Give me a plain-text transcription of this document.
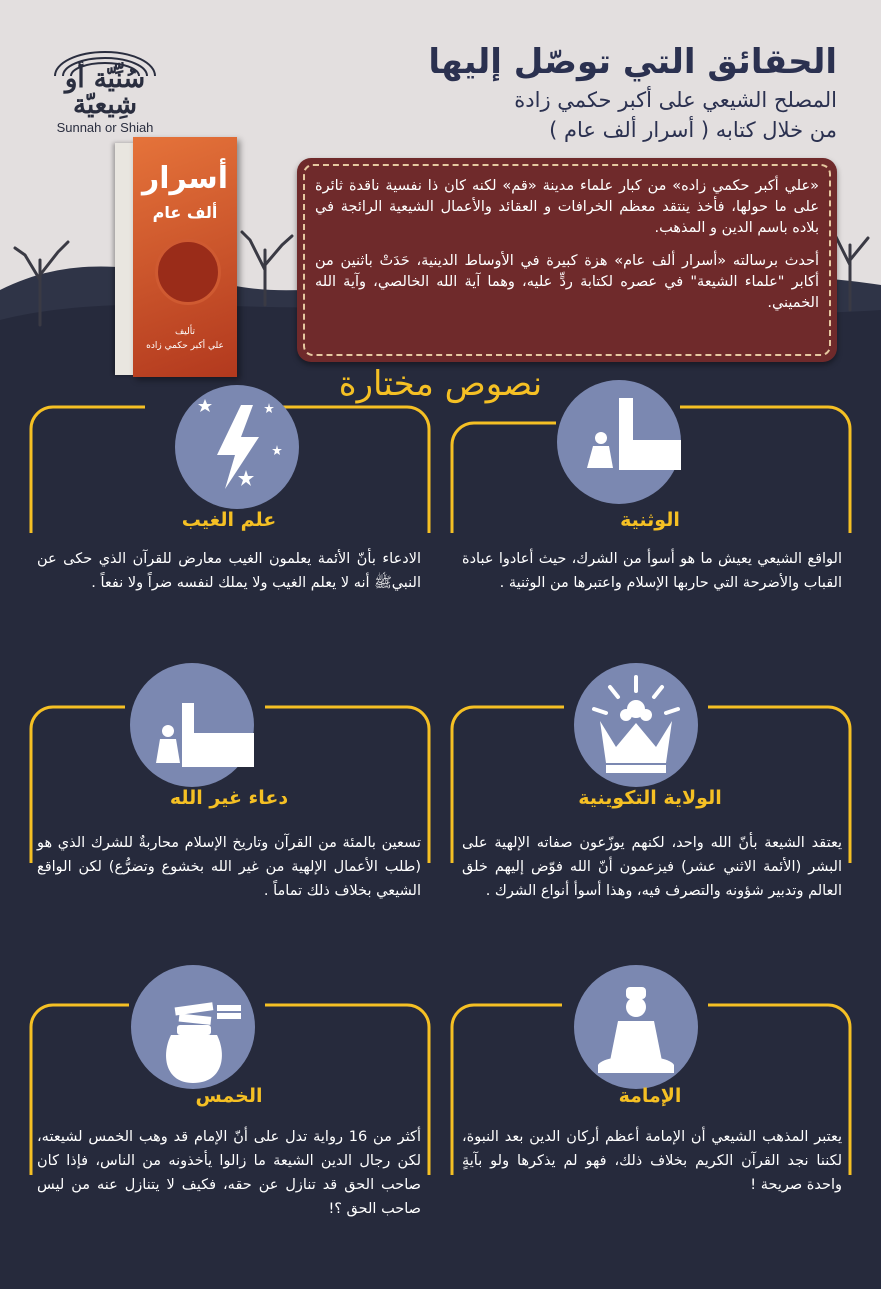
سُنِّيّة أو شِيعيّة
Sunnah or Shiah
الحقائق التي توصّل إليها
المصلح الشيعي على أكبر حكمي زادة
من خلال كتابه ( أسرار ألف عام )
أسرار
ألف عام
تأليف
علي أكبر حكمي زاده

«علي أكبر حكمي زاده» من كبار علماء مدينة «قم» لكنه كان ذا نفسية ناقدة ثائرة على ما حولها، فأخذ ينتقد معظم الخرافات و العقائد والأعمال الشيعية الرائجة في بلاده باسم الدين و المذهب.

أحدث برسالته «أسرار ألف عام» هزة كبيرة في الأوساط الدينية، حَدَتْ باثنين من أكابر "علماء الشيعة" في عصره لكتابة ردٍّ عليه، وهما آية الله الخالصي، وآية الله الخميني.

نصوص مختارة
علم الغيب
الادعاء بأنّ الأئمة يعلمون الغيب معارض للقرآن الذي حكى عن النبيﷺ أنه لا يعلم الغيب ولا يملك لنفسه ضراً ولا نفعاً .
الوثنية
الواقع الشيعي يعيش ما هو أسوأ من الشرك، حيث أعادوا عبادة القباب والأضرحة التي حاربها الإسلام واعتبرها من الوثنية .
دعاء غير الله
تسعين بالمئة من القرآن وتاريخ الإسلام محاربةٌ للشرك الذي هو (طلب الأعمال الإلهية من غير الله بخشوع وتضرُّع) لكن الواقع الشيعي بخلاف ذلك تماماً .
الولاية التكوينية
يعتقد الشيعة بأنّ الله واحد، لكنهم يوزّعون صفاته الإلهية على البشر (الأئمة الاثني عشر) فيزعمون أنّ الله فوّض إليهم خلق العالم وتدبير شؤونه والتصرف فيه، وهذا أسوأ أنواع الشرك .
الخمس
أكثر من 16 رواية تدل على أنّ الإمام قد وهب الخمس لشيعته، لكن رجال الدين الشيعة ما زالوا يأخذونه من الناس، فإذا كان صاحب الحق قد تنازل عن حقه، فكيف لا يتنازل عنه من ليس صاحب الحق ؟!
الإمامة
يعتبر المذهب الشيعي أن الإمامة أعظم أركان الدين بعد النبوة، لكننا نجد القرآن الكريم بخلاف ذلك، فهو لم يذكرها ولو بآيةٍ واحدة صريحة !
